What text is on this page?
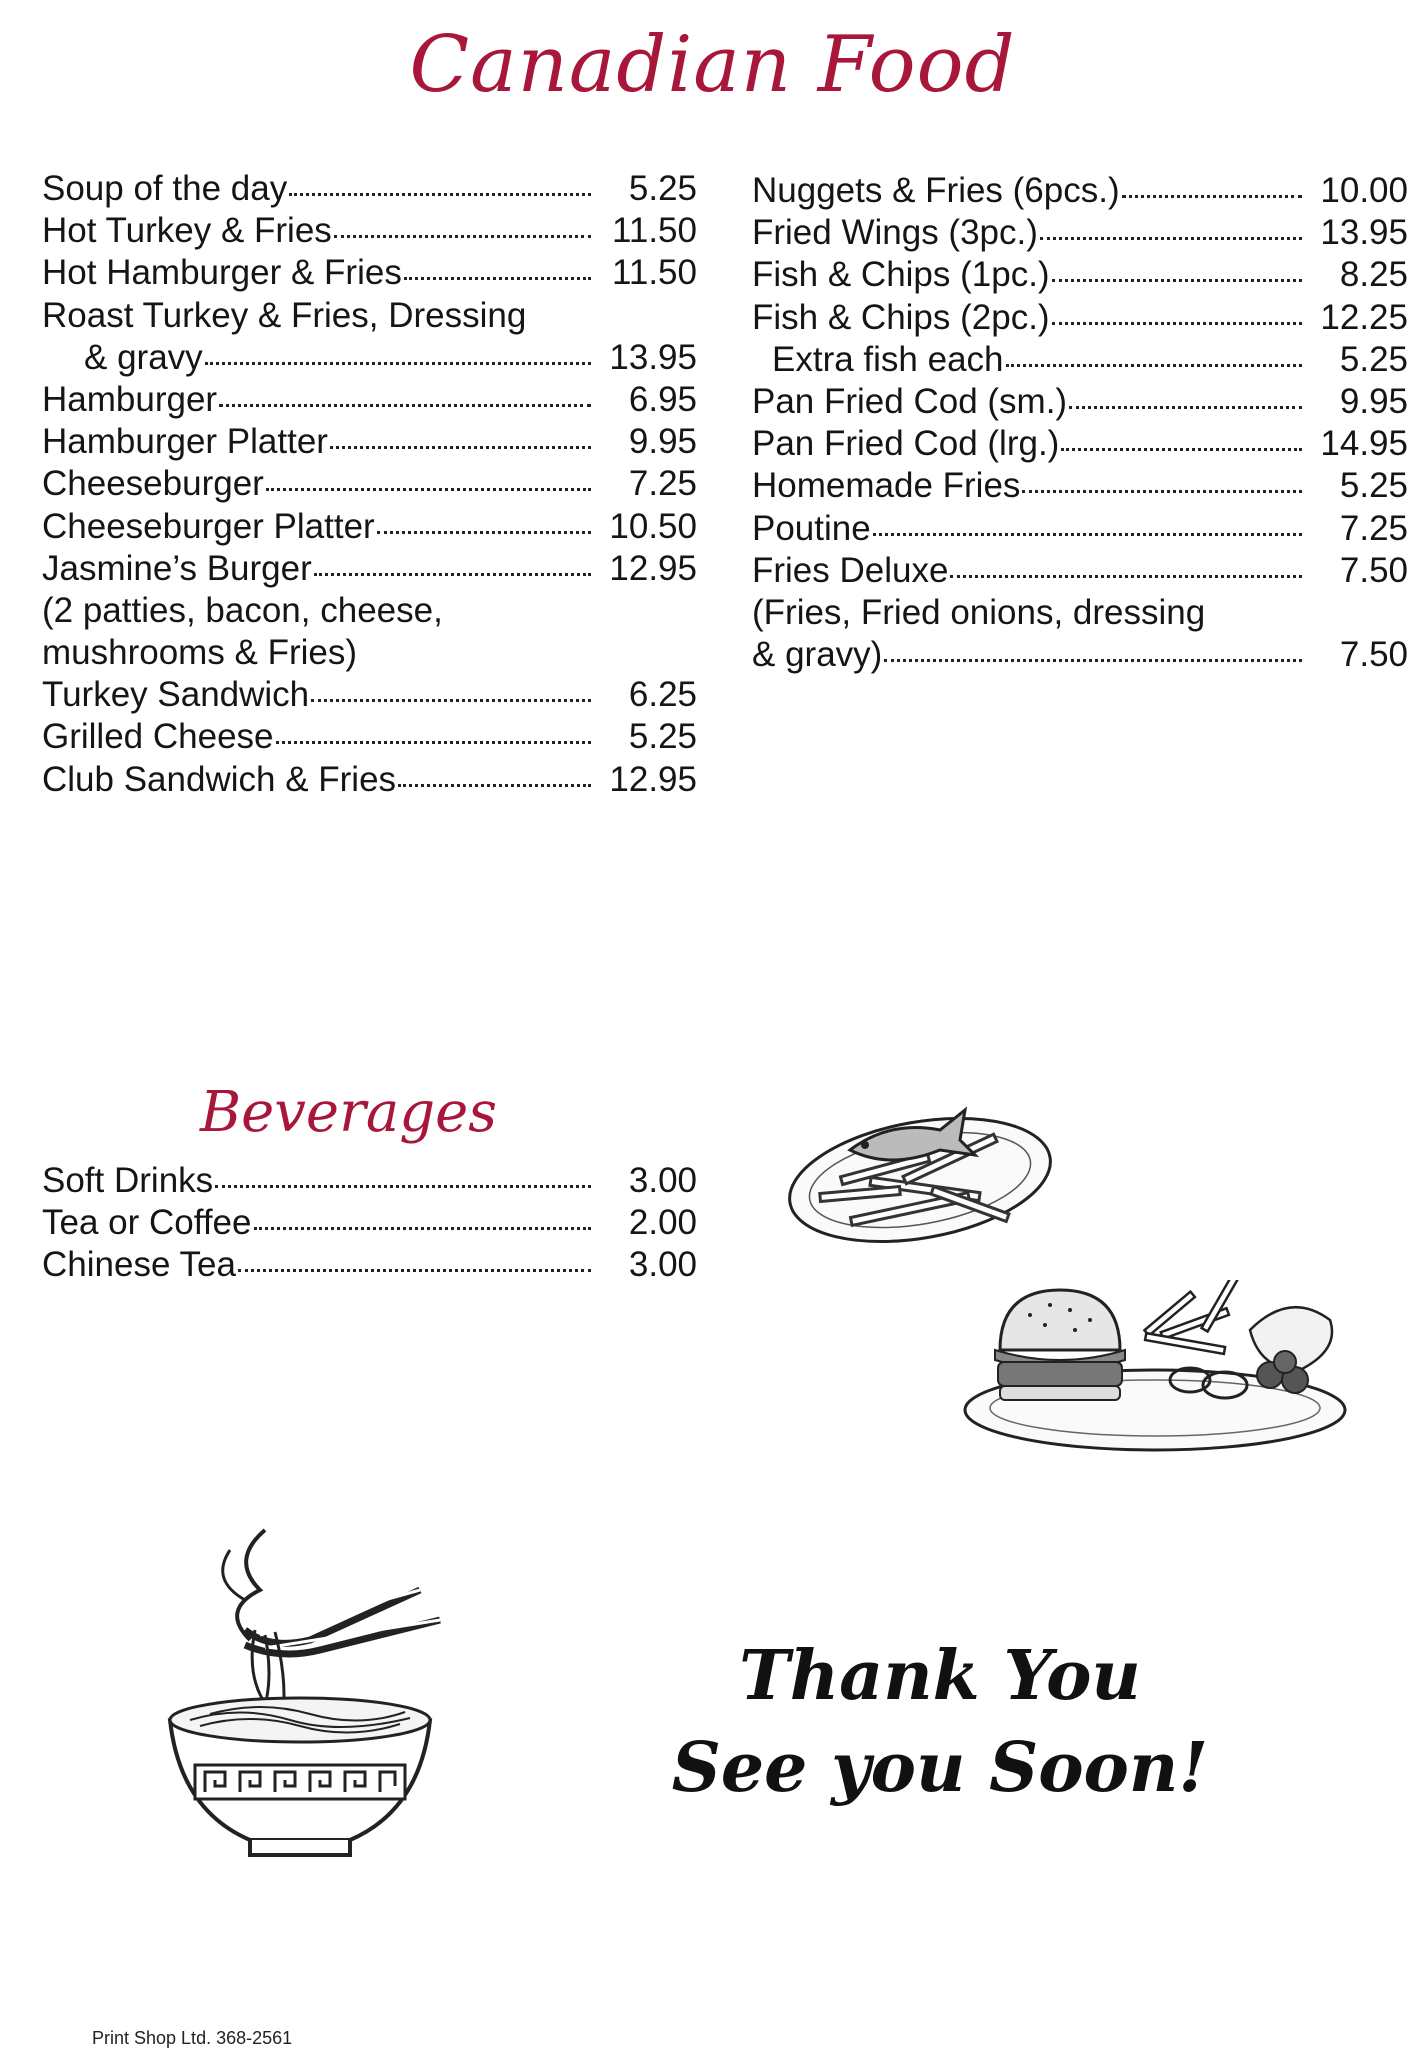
Canadian Food
Soup of the day	5.25
Hot Turkey & Fries	11.50
Hot Hamburger & Fries	11.50
Roast Turkey & Fries, Dressing
& gravy	13.95
Hamburger	6.95
Hamburger Platter	9.95
Cheeseburger	7.25
Cheeseburger Platter	10.50
Jasmine’s Burger	12.95
(2 patties, bacon, cheese,
mushrooms & Fries)
Turkey Sandwich	6.25
Grilled Cheese	5.25
Club Sandwich & Fries	12.95
Nuggets & Fries (6pcs.)	10.00
Fried Wings (3pc.)	13.95
Fish & Chips (1pc.)	8.25
Fish & Chips (2pc.)	12.25
Extra fish each	5.25
Pan Fried Cod (sm.)	9.95
Pan Fried Cod (lrg.)	14.95
Homemade Fries	5.25
Poutine	7.25
Fries Deluxe	7.50
(Fries, Fried onions, dressing
& gravy)	7.50
Beverages
Soft Drinks	3.00
Tea or Coffee	2.00
Chinese Tea	3.00
Thank You
See you Soon!
Print Shop Ltd. 368-2561
